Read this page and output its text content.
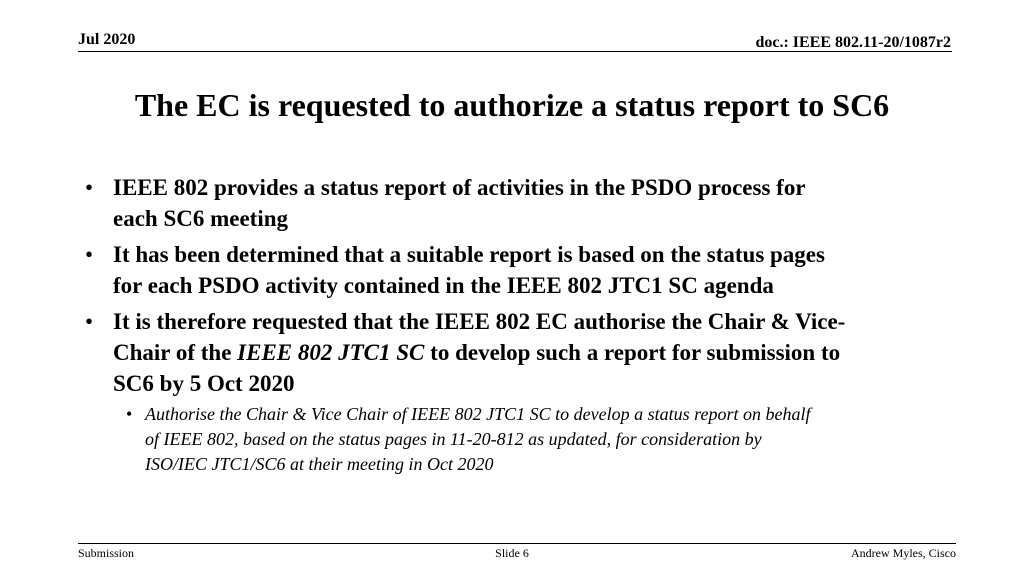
Jul 2020	doc.: IEEE 802.11-20/1087r2
The EC is requested to authorize a status report to SC6
• IEEE 802 provides a status report of activities in the PSDO process for
each SC6 meeting
• It has been determined that a suitable report is based on the status pages
for each PSDO activity contained in the IEEE 802 JTC1 SC agenda
• It is therefore requested that the IEEE 802 EC authorise the Chair & Vice-
Chair of the IEEE 802 JTC1 SC to develop such a report for submission to
SC6 by 5 Oct 2020
• Authorise the Chair & Vice Chair of IEEE 802 JTC1 SC to develop a status report on behalf
of IEEE 802, based on the status pages in 11-20-812 as updated, for consideration by
ISO/IEC JTC1/SC6 at their meeting in Oct 2020
Submission	Slide 6	Andrew Myles, Cisco
